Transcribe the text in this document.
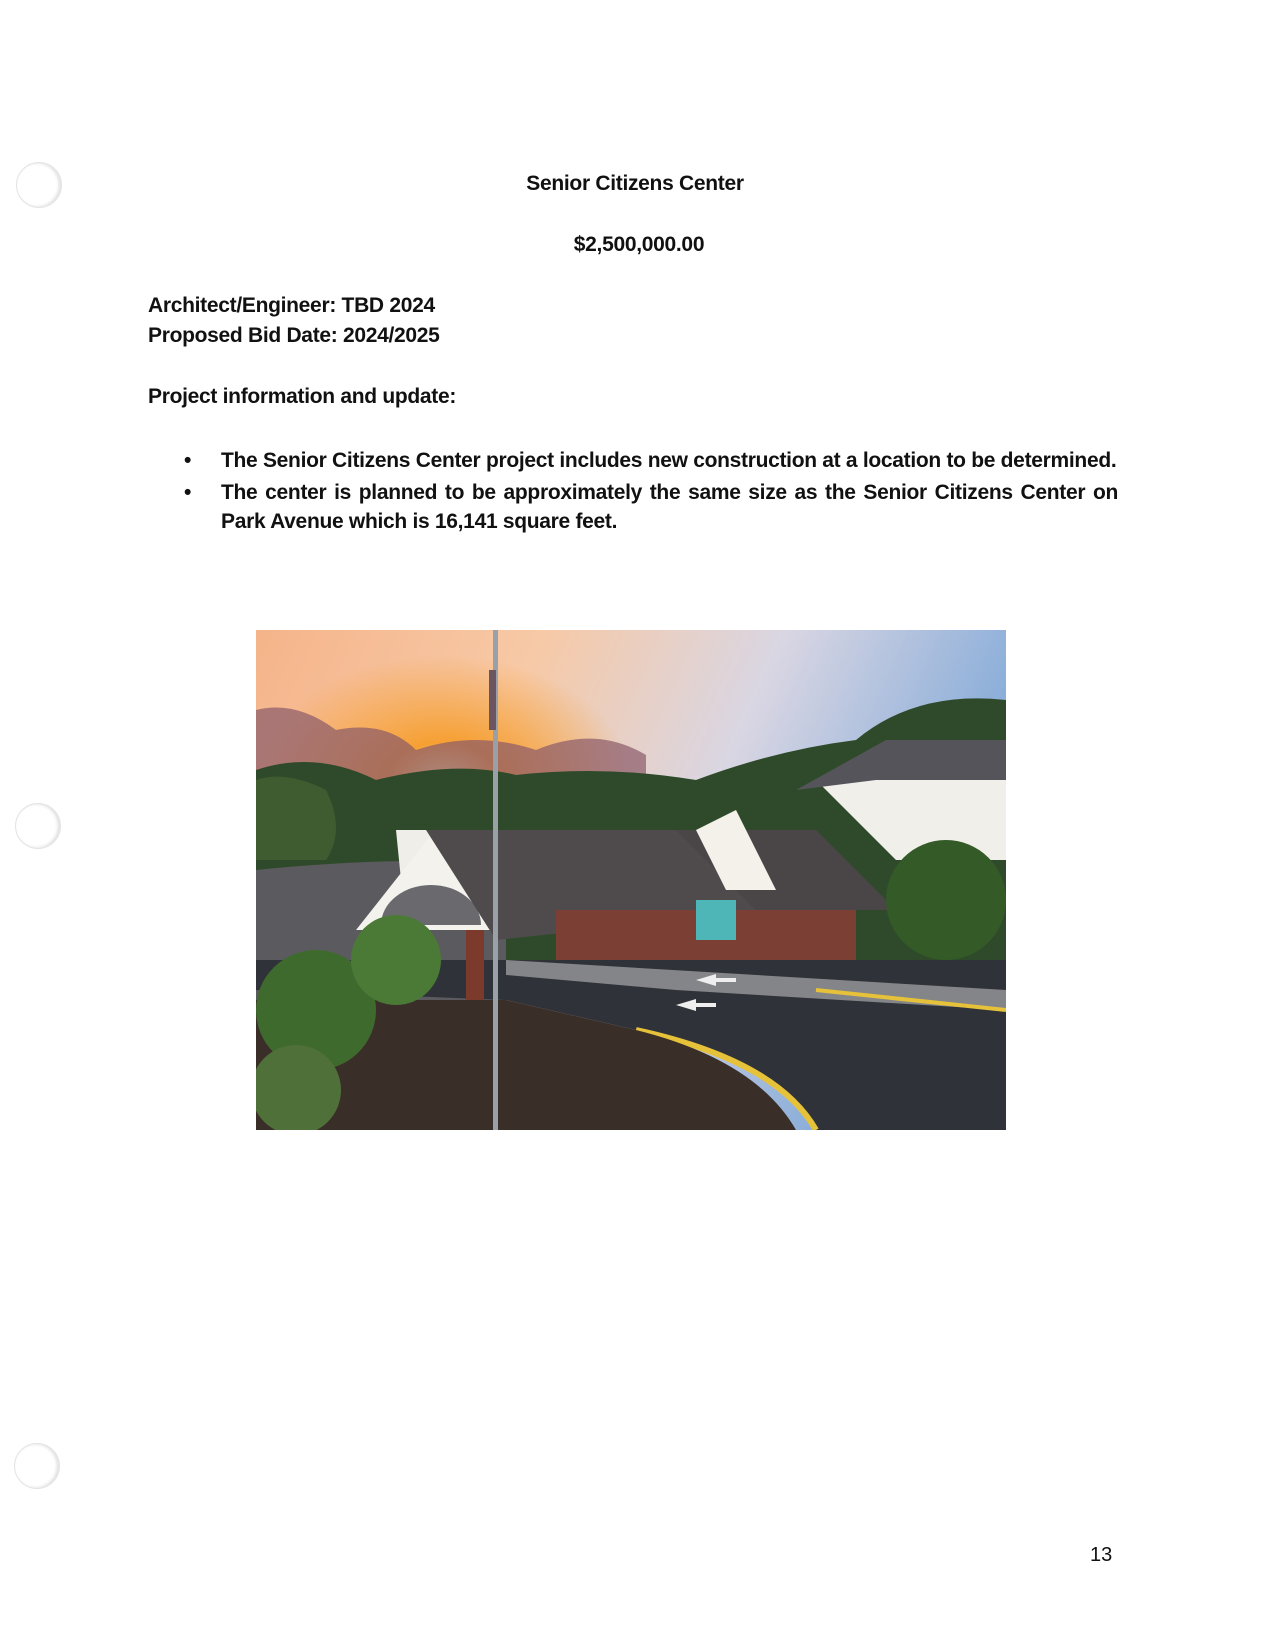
Senior Citizens Center
$2,500,000.00
Architect/Engineer: TBD 2024
Proposed Bid Date: 2024/2025
Project information and update:
• The Senior Citizens Center project includes new construction at a location to be determined.
• The center is planned to be approximately the same size as the Senior Citizens Center on Park Avenue which is 16,141 square feet.
13
